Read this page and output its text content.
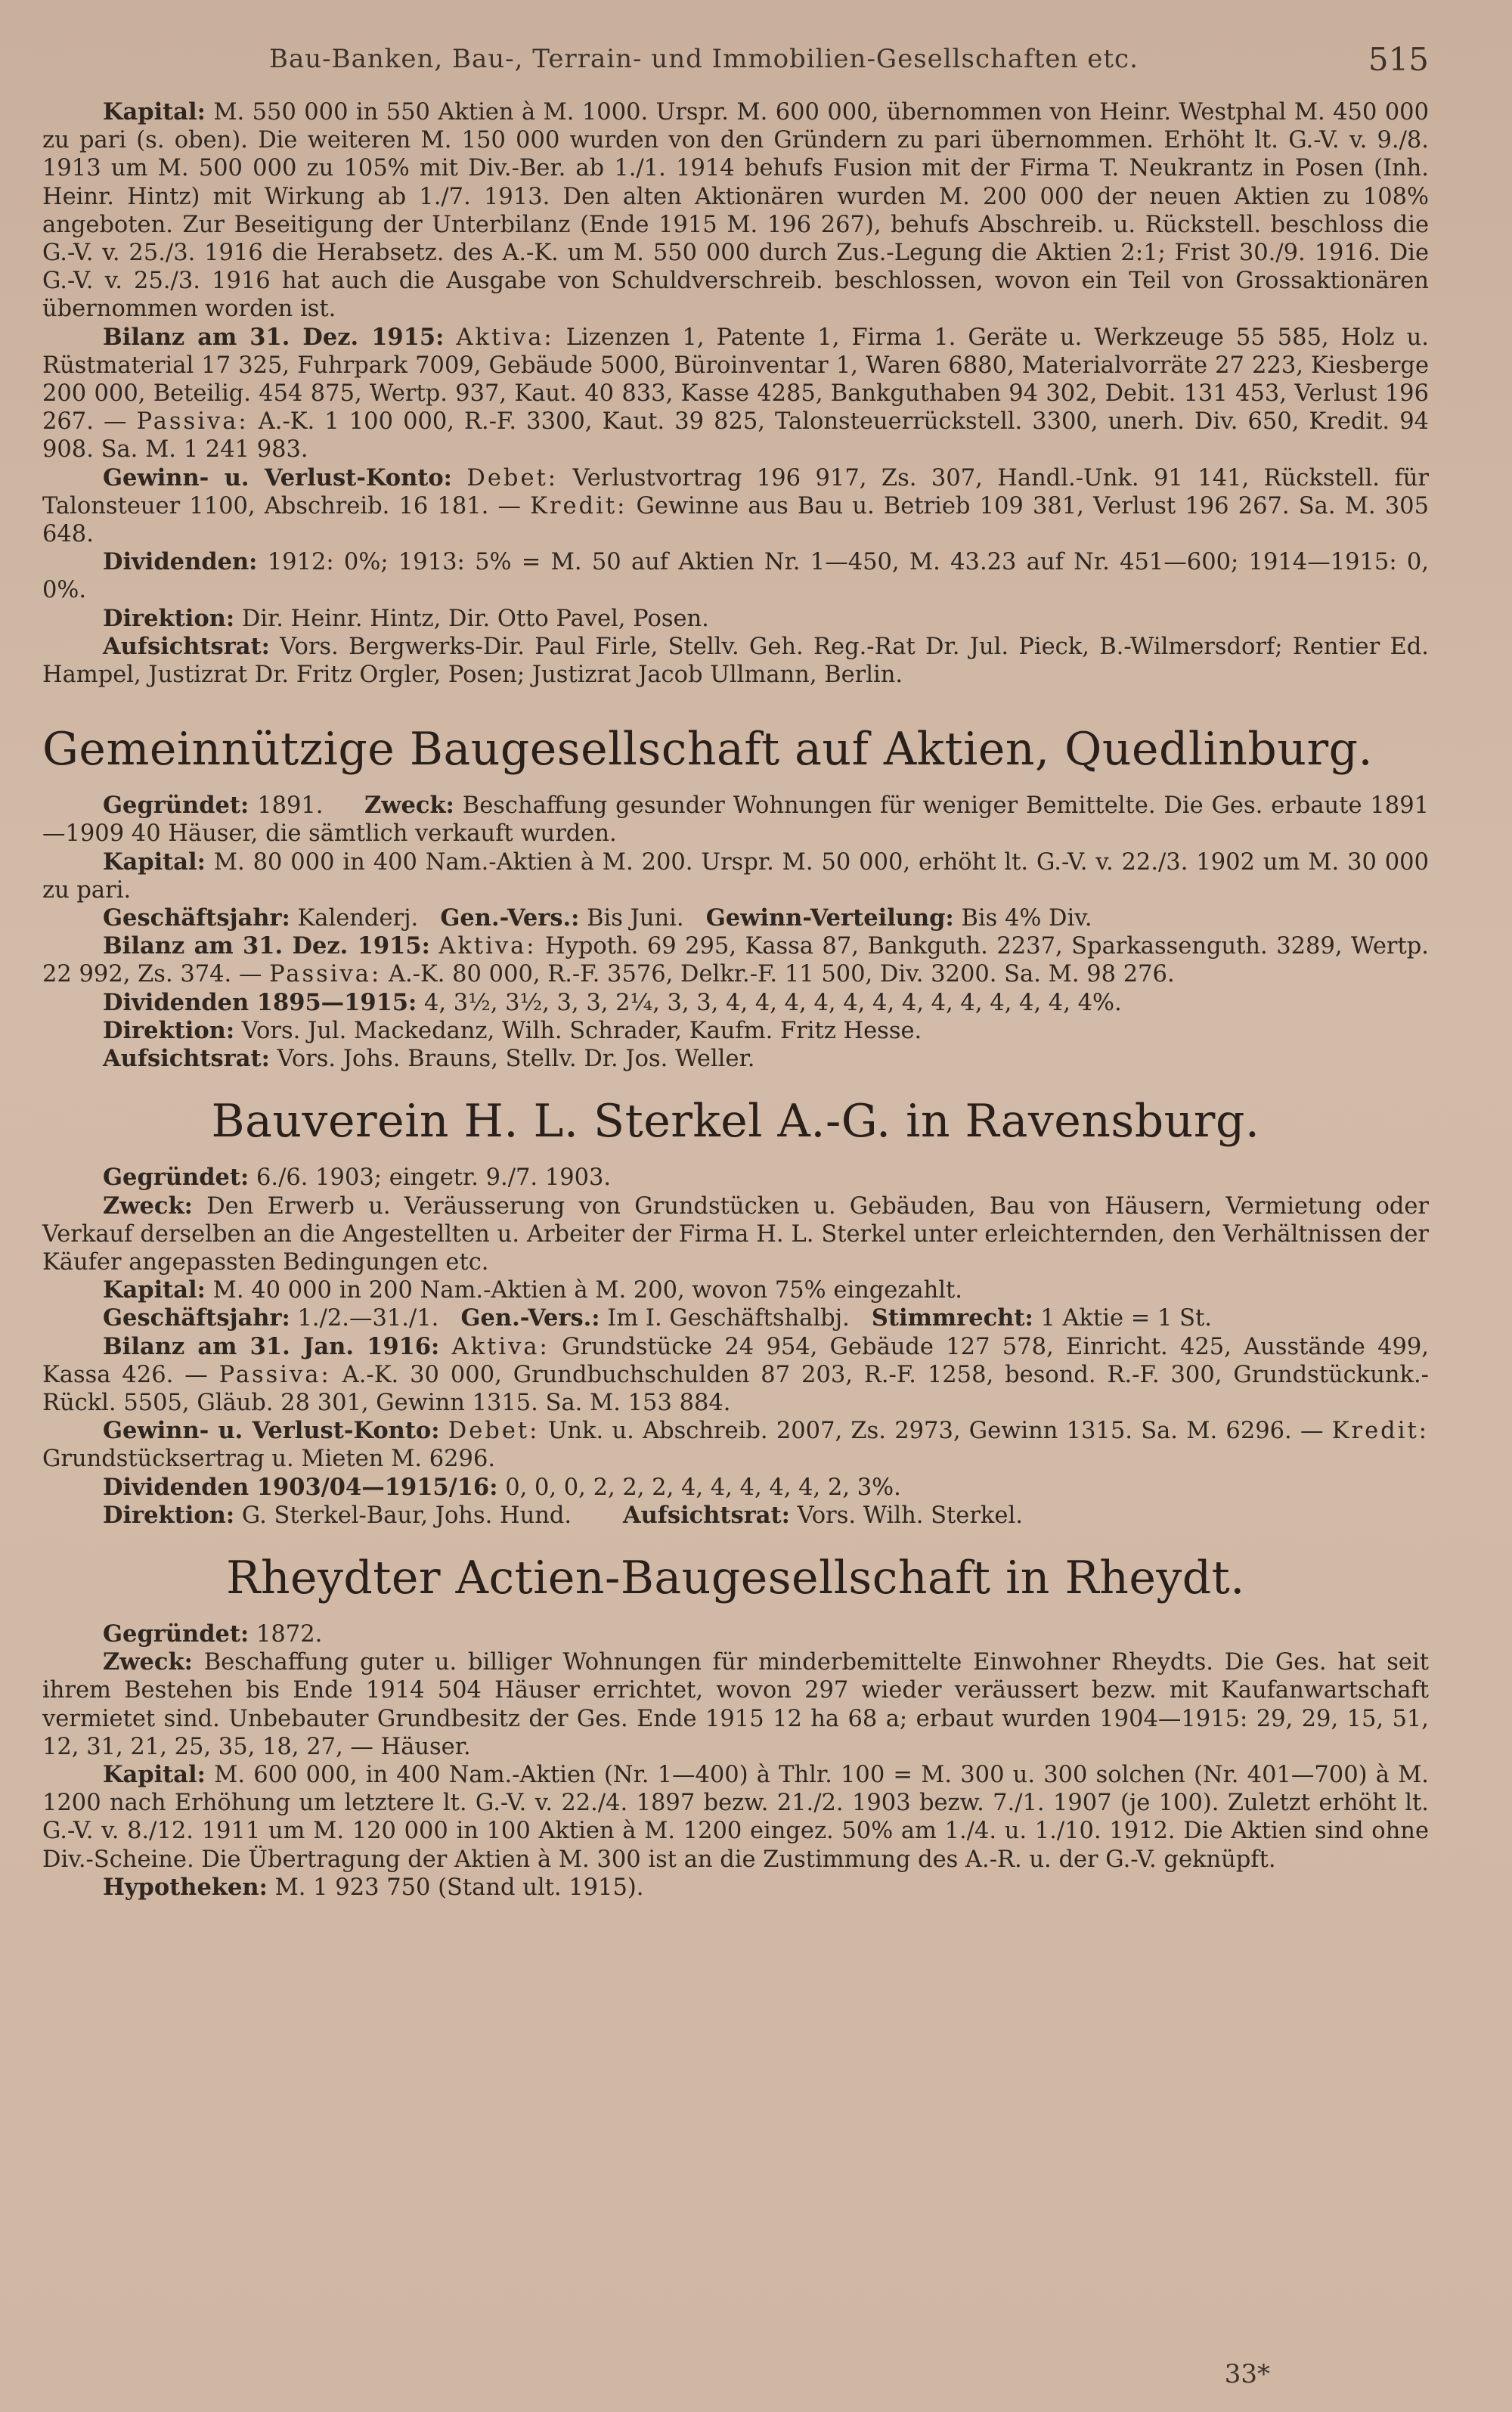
Bau-Banken, Bau-, Terrain- und Immobilien-Gesellschaften etc.	515

Kapital: M. 550 000 in 550 Aktien à M. 1000. Urspr. M. 600 000, übernommen von Heinr. Westphal M. 450 000 zu pari (s. oben). Die weiteren M. 150 000 wurden von den Gründern zu pari übernommen. Erhöht lt. G.-V. v. 9./8. 1913 um M. 500 000 zu 105% mit Div.-Ber. ab 1./1. 1914 behufs Fusion mit der Firma T. Neukrantz in Posen (Inh. Heinr. Hintz) mit Wirkung ab 1./7. 1913. Den alten Aktionären wurden M. 200 000 der neuen Aktien zu 108% angeboten. Zur Beseitigung der Unterbilanz (Ende 1915 M. 196 267), behufs Abschreib. u. Rückstell. beschloss die G.-V. v. 25./3. 1916 die Herabsetz. des A.-K. um M. 550 000 durch Zus.-Legung die Aktien 2:1; Frist 30./9. 1916. Die G.-V. v. 25./3. 1916 hat auch die Ausgabe von Schuldverschreib. beschlossen, wovon ein Teil von Grossaktionären übernommen worden ist.

Bilanz am 31. Dez. 1915: Aktiva: Lizenzen 1, Patente 1, Firma 1. Geräte u. Werkzeuge 55 585, Holz u. Rüstmaterial 17 325, Fuhrpark 7009, Gebäude 5000, Büroinventar 1, Waren 6880, Materialvorräte 27 223, Kiesberge 200 000, Beteilig. 454 875, Wertp. 937, Kaut. 40 833, Kasse 4285, Bankguthaben 94 302, Debit. 131 453, Verlust 196 267. — Passiva: A.-K. 1 100 000, R.-F. 3300, Kaut. 39 825, Talonsteuerrückstell. 3300, unerh. Div. 650, Kredit. 94 908. Sa. M. 1 241 983.

Gewinn- u. Verlust-Konto: Debet: Verlustvortrag 196 917, Zs. 307, Handl.-Unk. 91 141, Rückstell. für Talonsteuer 1100, Abschreib. 16 181. — Kredit: Gewinne aus Bau u. Betrieb 109 381, Verlust 196 267. Sa. M. 305 648.

Dividenden: 1912: 0%; 1913: 5% = M. 50 auf Aktien Nr. 1—450, M. 43.23 auf Nr. 451—600; 1914—1915: 0, 0%.

Direktion: Dir. Heinr. Hintz, Dir. Otto Pavel, Posen.

Aufsichtsrat: Vors. Bergwerks-Dir. Paul Firle, Stellv. Geh. Reg.-Rat Dr. Jul. Pieck, B.-Wilmersdorf; Rentier Ed. Hampel, Justizrat Dr. Fritz Orgler, Posen; Justizrat Jacob Ullmann, Berlin.

Gemeinnützige Baugesellschaft auf Aktien, Quedlinburg.

Gegründet: 1891. Zweck: Beschaffung gesunder Wohnungen für weniger Bemittelte. Die Ges. erbaute 1891—1909 40 Häuser, die sämtlich verkauft wurden.

Kapital: M. 80 000 in 400 Nam.-Aktien à M. 200. Urspr. M. 50 000, erhöht lt. G.-V. v. 22./3. 1902 um M. 30 000 zu pari.

Geschäftsjahr: Kalenderj. Gen.-Vers.: Bis Juni. Gewinn-Verteilung: Bis 4% Div.

Bilanz am 31. Dez. 1915: Aktiva: Hypoth. 69 295, Kassa 87, Bankguth. 2237, Sparkassenguth. 3289, Wertp. 22 992, Zs. 374. — Passiva: A.-K. 80 000, R.-F. 3576, Delkr.-F. 11 500, Div. 3200. Sa. M. 98 276.

Dividenden 1895—1915: 4, 3½, 3½, 3, 3, 2¼, 3, 3, 4, 4, 4, 4, 4, 4, 4, 4, 4, 4, 4, 4, 4%.

Direktion: Vors. Jul. Mackedanz, Wilh. Schrader, Kaufm. Fritz Hesse.

Aufsichtsrat: Vors. Johs. Brauns, Stellv. Dr. Jos. Weller.

Bauverein H. L. Sterkel A.-G. in Ravensburg.

Gegründet: 6./6. 1903; eingetr. 9./7. 1903.

Zweck: Den Erwerb u. Veräusserung von Grundstücken u. Gebäuden, Bau von Häusern, Vermietung oder Verkauf derselben an die Angestellten u. Arbeiter der Firma H. L. Sterkel unter erleichternden, den Verhältnissen der Käufer angepassten Bedingungen etc.

Kapital: M. 40 000 in 200 Nam.-Aktien à M. 200, wovon 75% eingezahlt.

Geschäftsjahr: 1./2.—31./1. Gen.-Vers.: Im I. Geschäftshalbj. Stimmrecht: 1 Aktie = 1 St.

Bilanz am 31. Jan. 1916: Aktiva: Grundstücke 24 954, Gebäude 127 578, Einricht. 425, Ausstände 499, Kassa 426. — Passiva: A.-K. 30 000, Grundbuchschulden 87 203, R.-F. 1258, besond. R.-F. 300, Grundstückunk.-Rückl. 5505, Gläub. 28 301, Gewinn 1315. Sa. M. 153 884.

Gewinn- u. Verlust-Konto: Debet: Unk. u. Abschreib. 2007, Zs. 2973, Gewinn 1315. Sa. M. 6296. — Kredit: Grundstücksertrag u. Mieten M. 6296.

Dividenden 1903/04—1915/16: 0, 0, 0, 2, 2, 2, 4, 4, 4, 4, 4, 2, 3%.

Direktion: G. Sterkel-Baur, Johs. Hund. Aufsichtsrat: Vors. Wilh. Sterkel.

Rheydter Actien-Baugesellschaft in Rheydt.

Gegründet: 1872.

Zweck: Beschaffung guter u. billiger Wohnungen für minderbemittelte Einwohner Rheydts. Die Ges. hat seit ihrem Bestehen bis Ende 1914 504 Häuser errichtet, wovon 297 wieder veräussert bezw. mit Kaufanwartschaft vermietet sind. Unbebauter Grundbesitz der Ges. Ende 1915 12 ha 68 a; erbaut wurden 1904—1915: 29, 29, 15, 51, 12, 31, 21, 25, 35, 18, 27, — Häuser.

Kapital: M. 600 000, in 400 Nam.-Aktien (Nr. 1—400) à Thlr. 100 = M. 300 u. 300 solchen (Nr. 401—700) à M. 1200 nach Erhöhung um letztere lt. G.-V. v. 22./4. 1897 bezw. 21./2. 1903 bezw. 7./1. 1907 (je 100). Zuletzt erhöht lt. G.-V. v. 8./12. 1911 um M. 120 000 in 100 Aktien à M. 1200 eingez. 50% am 1./4. u. 1./10. 1912. Die Aktien sind ohne Div.-Scheine. Die Übertragung der Aktien à M. 300 ist an die Zustimmung des A.-R. u. der G.-V. geknüpft.

Hypotheken: M. 1 923 750 (Stand ult. 1915).

33*
